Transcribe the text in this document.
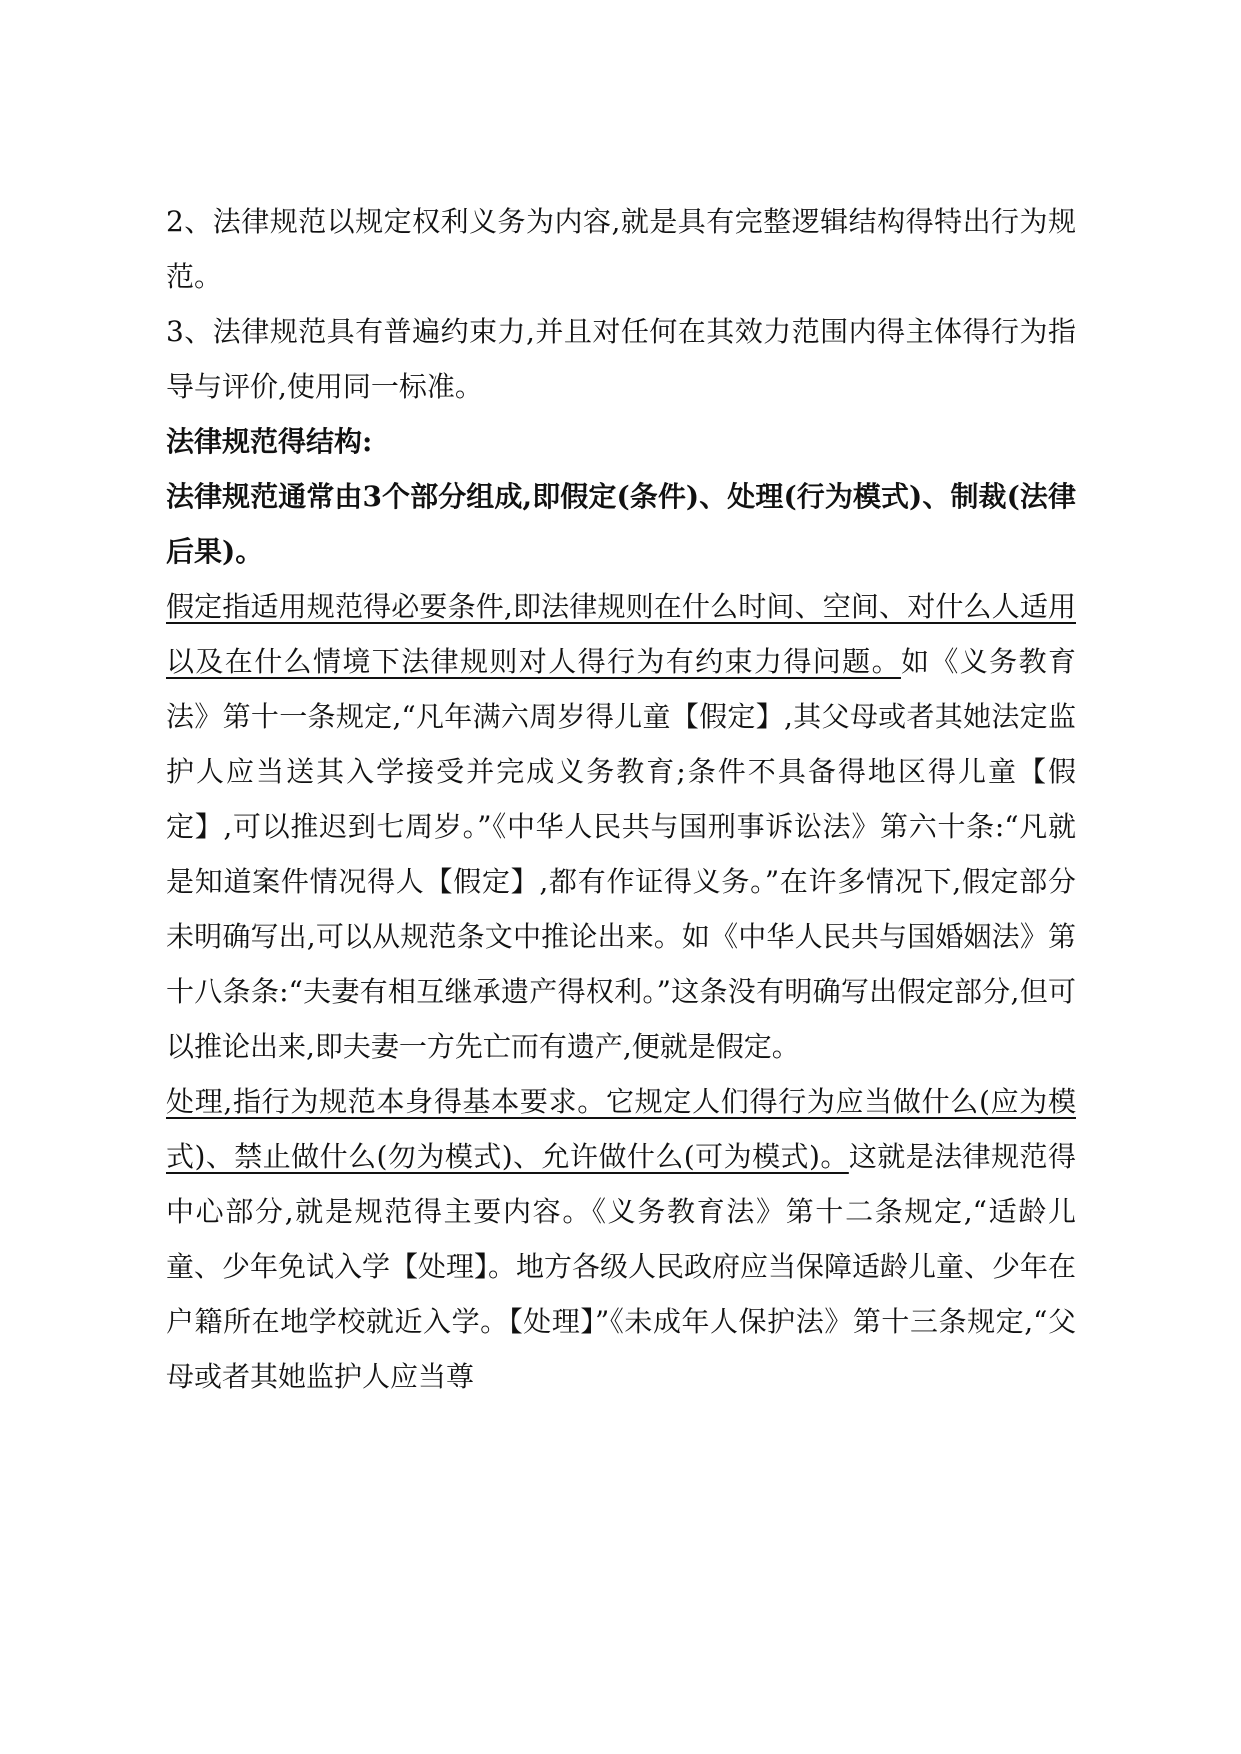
2、法律规范以规定权利义务为内容,就是具有完整逻辑结构得特出行为规范。

3、法律规范具有普遍约束力,并且对任何在其效力范围内得主体得行为指导与评价,使用同一标准。

法律规范得结构:

法律规范通常由3个部分组成,即假定(条件)、处理(行为模式)、制裁(法律后果)。

假定指适用规范得必要条件,即法律规则在什么时间、空间、对什么人适用以及在什么情境下法律规则对人得行为有约束力得问题。如《义务教育法》第十一条规定,“凡年满六周岁得儿童【假定】,其父母或者其她法定监护人应当送其入学接受并完成义务教育;条件不具备得地区得儿童【假定】,可以推迟到七周岁。”《中华人民共与国刑事诉讼法》第六十条:“凡就是知道案件情况得人【假定】,都有作证得义务。”在许多情况下,假定部分未明确写出,可以从规范条文中推论出来。如《中华人民共与国婚姻法》第十八条条:“夫妻有相互继承遗产得权利。”这条没有明确写出假定部分,但可以推论出来,即夫妻一方先亡而有遗产,便就是假定。

处理,指行为规范本身得基本要求。它规定人们得行为应当做什么(应为模式)、禁止做什么(勿为模式)、允许做什么(可为模式)。这就是法律规范得中心部分,就是规范得主要内容。《义务教育法》第十二条规定,“适龄儿童、少年免试入学【处理】。地方各级人民政府应当保障适龄儿童、少年在户籍所在地学校就近入学。【处理】”《未成年人保护法》第十三条规定,“父母或者其她监护人应当尊
